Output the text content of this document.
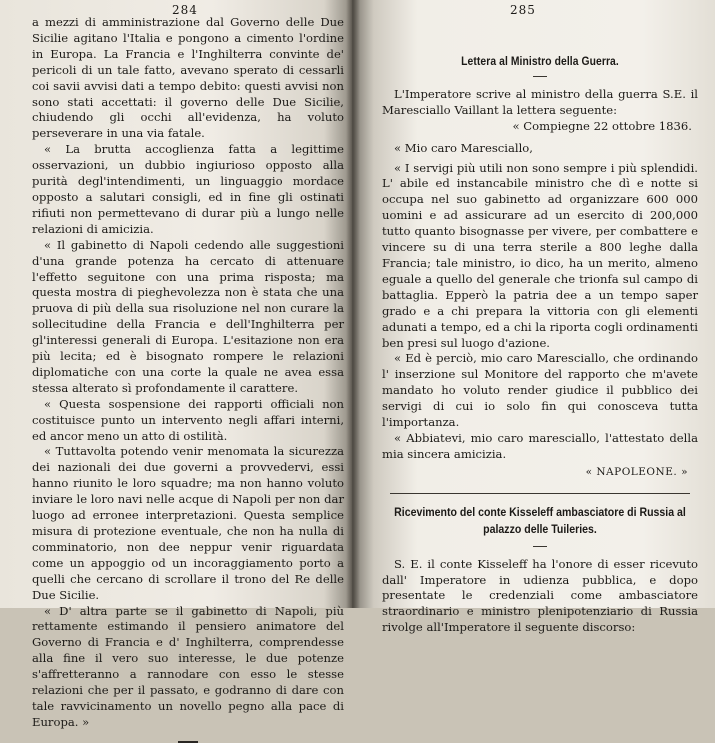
284

a mezzi di amministrazione dal Governo delle Due Sicilie agitano l'Italia e pongono a cimento l'ordine in Europa. La Francia e l'Inghilterra convinte de' pericoli di un tale fatto, avevano sperato di cessarli coi savii avvisi dati a tempo debito: questi avvisi non sono stati accettati: il governo delle Due Sicilie, chiudendo gli occhi all'evidenza, ha voluto perseverare in una via fatale.

« La brutta accoglienza fatta a legittime osservazioni, un dubbio ingiurioso opposto alla purità degl'intendimenti, un linguaggio mordace opposto a salutari consigli, ed in fine gli ostinati rifiuti non permettevano di durar più a lungo nelle relazioni di amicizia.

« Il gabinetto di Napoli cedendo alle suggestioni d'una grande potenza ha cercato di attenuare l'effetto seguitone con una prima risposta; ma questa mostra di pieghevolezza non è stata che una pruova di più della sua risoluzione nel non curare la sollecitudine della Francia e dell'Inghilterra per gl'interessi generali di Europa. L'esitazione non era più lecita; ed è bisognato rompere le relazioni diplomatiche con una corte la quale ne avea essa stessa alterato sì profondamente il carattere.

« Questa sospensione dei rapporti officiali non costituisce punto un intervento negli affari interni, ed ancor meno un atto di ostilità.

« Tuttavolta potendo venir menomata la sicurezza dei nazionali dei due governi a provvedervi, essi hanno riunito le loro squadre; ma non hanno voluto inviare le loro navi nelle acque di Napoli per non dar luogo ad erronee interpretazioni. Questa semplice misura di protezione eventuale, che non ha nulla di comminatorio, non dee neppur venir riguardata come un appoggio od un incoraggiamento porto a quelli che cercano di scrollare il trono del Re delle Due Sicilie.

« D' altra parte se il gabinetto di Napoli, più rettamente estimando il pensiero animatore del Governo di Francia e d' Inghilterra, comprendesse alla fine il vero suo interesse, le due potenze s'affretteranno a rannodare con esso le stesse relazioni che per il passato, e godranno di dare con tale ravvicinamento un novello pegno alla pace di Europa. »

285
Lettera al Ministro della Guerra.

L'Imperatore scrive al ministro della guerra S.E. il Maresciallo Vaillant la lettera seguente:

« Compiegne 22 ottobre 1836.
« Mio caro Maresciallo,

« I servigi più utili non sono sempre i più splendidi. L' abile ed instancabile ministro che dì e notte si occupa nel suo gabinetto ad organizzare 600 000 uomini e ad assicurare ad un esercito di 200,000 tutto quanto bisognasse per vivere, per combattere e vincere su di una terra sterile a 800 leghe dalla Francia; tale ministro, io dico, ha un merito, almeno eguale a quello del generale che trionfa sul campo di battaglia. Epperò la patria dee a un tempo saper grado e a chi prepara la vittoria con gli elementi adunati a tempo, ed a chi la riporta cogli ordinamenti ben presi sul luogo d'azione.

« Ed è perciò, mio caro Maresciallo, che ordinando l' inserzione sul Monitore del rapporto che m'avete mandato ho voluto render giudice il pubblico dei servigi di cui io solo fin qui conosceva tutta l'importanza.

« Abbiatevi, mio caro maresciallo, l'attestato della mia sincera amicizia.

« NAPOLEONE. »
Ricevimento del conte Kisseleff ambasciatore di Russia al palazzo delle Tuileries.

S. E. il conte Kisseleff ha l'onore di esser ricevuto dall' Imperatore in udienza pubblica, e dopo presentate le credenziali come ambasciatore straordinario e ministro plenipotenziario di Russia rivolge all'Imperatore il seguente discorso:
